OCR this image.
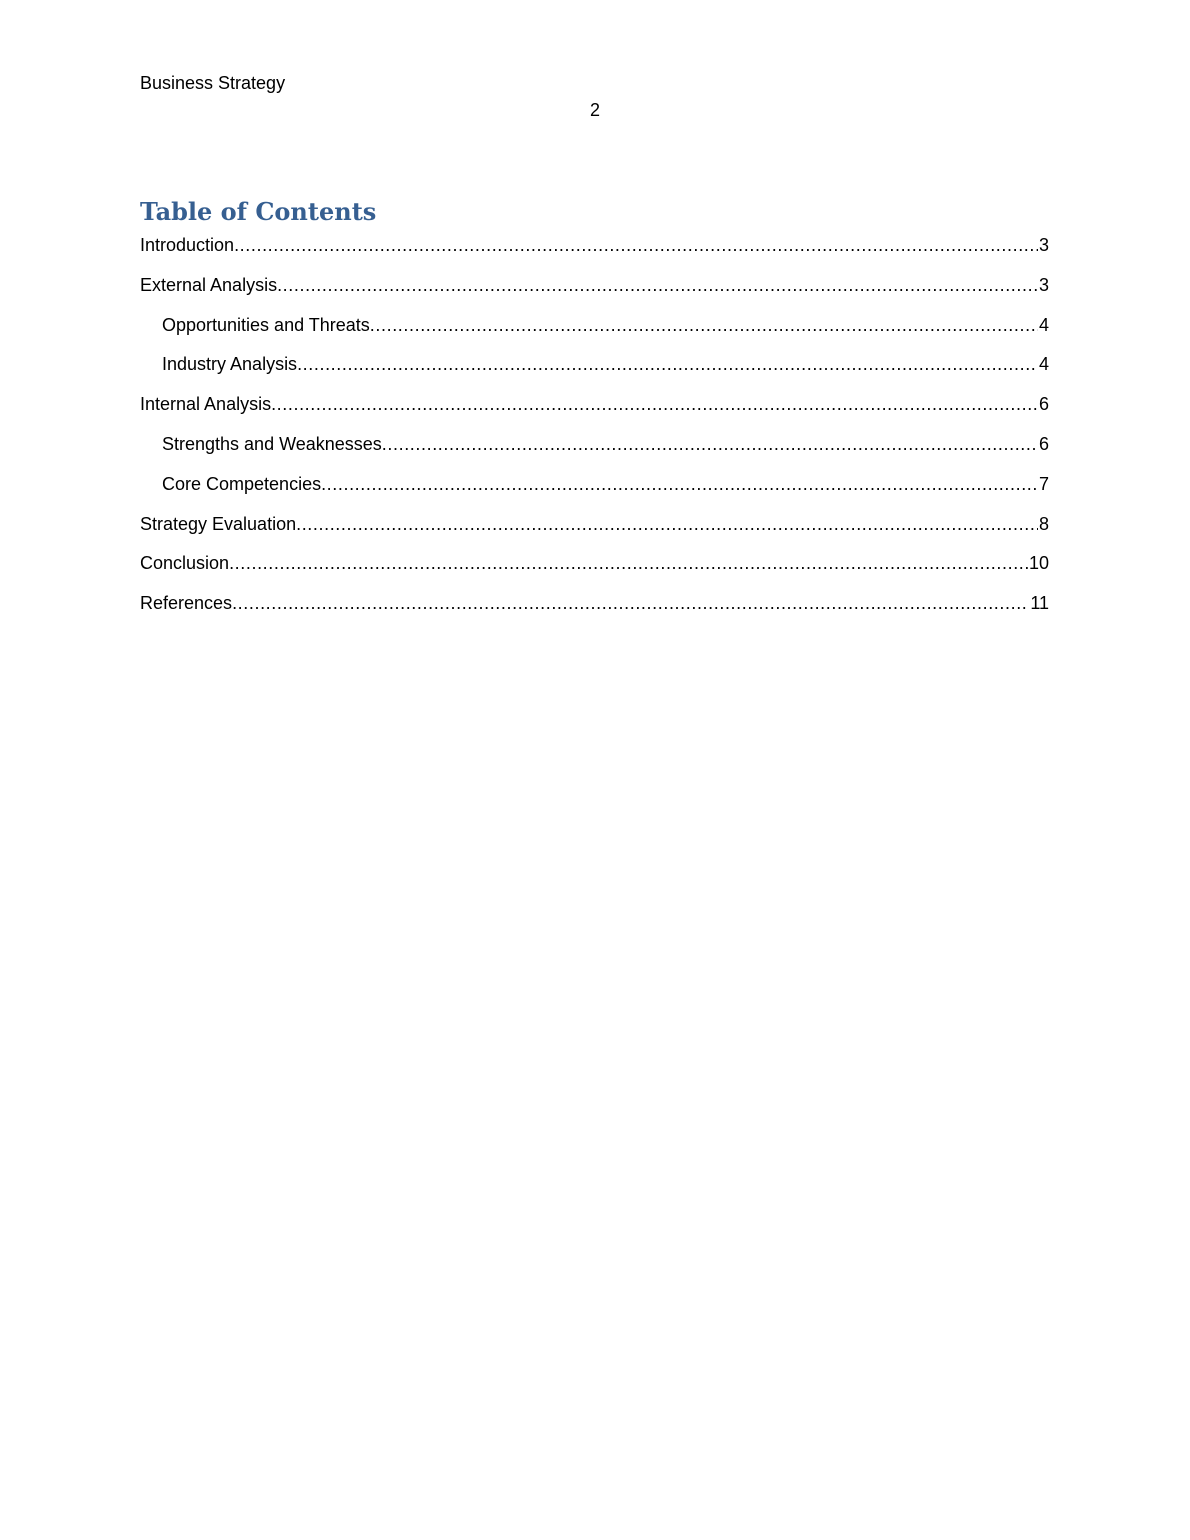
Business Strategy
2
Table of Contents
Introduction .....	3
External Analysis .....	3
Opportunities and Threats .....	4
Industry Analysis .....	4
Internal Analysis .....	6
Strengths and Weaknesses .....	6
Core Competencies .....	7
Strategy Evaluation .....	8
Conclusion .....	10
References .....	11
